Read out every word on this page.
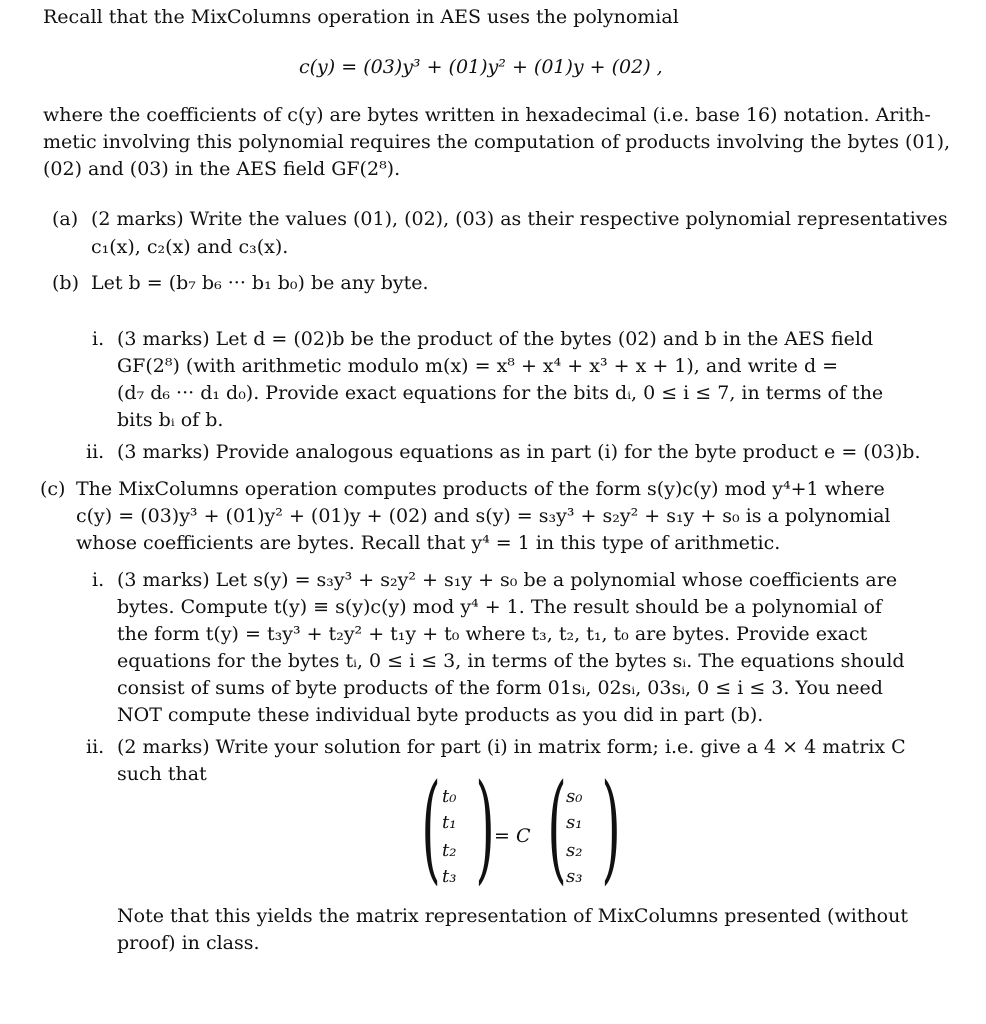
Recall that the MixColumns operation in AES uses the polynomial
c(y) = (03)y³ + (01)y² + (01)y + (02) ,
where the coefficients of c(y) are bytes written in hexadecimal (i.e. base 16) notation. Arith-
metic involving this polynomial requires the computation of products involving the bytes (01),
(02) and (03) in the AES field GF(2⁸).
(a) (2 marks) Write the values (01), (02), (03) as their respective polynomial representatives
c₁(x), c₂(x) and c₃(x).
(b) Let b = (b₇ b₆ ··· b₁ b₀) be any byte.
i. (3 marks) Let d = (02)b be the product of the bytes (02) and b in the AES field
GF(2⁸) (with arithmetic modulo m(x) = x⁸ + x⁴ + x³ + x + 1), and write d =
(d₇ d₆ ··· d₁ d₀). Provide exact equations for the bits dᵢ, 0 ≤ i ≤ 7, in terms of the
bits bᵢ of b.
ii. (3 marks) Provide analogous equations as in part (i) for the byte product e = (03)b.
(c) The MixColumns operation computes products of the form s(y)c(y) mod y⁴+1 where
c(y) = (03)y³ + (01)y² + (01)y + (02) and s(y) = s₃y³ + s₂y² + s₁y + s₀ is a polynomial
whose coefficients are bytes. Recall that y⁴ = 1 in this type of arithmetic.
i. (3 marks) Let s(y) = s₃y³ + s₂y² + s₁y + s₀ be a polynomial whose coefficients are
bytes. Compute t(y) ≡ s(y)c(y) mod y⁴ + 1. The result should be a polynomial of
the form t(y) = t₃y³ + t₂y² + t₁y + t₀ where t₃, t₂, t₁, t₀ are bytes. Provide exact
equations for the bytes tᵢ, 0 ≤ i ≤ 3, in terms of the bytes sᵢ. The equations should
consist of sums of byte products of the form 01sᵢ, 02sᵢ, 03sᵢ, 0 ≤ i ≤ 3. You need
NOT compute these individual byte products as you did in part (b).
ii. (2 marks) Write your solution for part (i) in matrix form; i.e. give a 4 × 4 matrix C
such that ( t₀
t₁
t₂
t₃ ) = C ( s₀
s₁
s₂
s₃ )
Note that this yields the matrix representation of MixColumns presented (without
proof) in class.
